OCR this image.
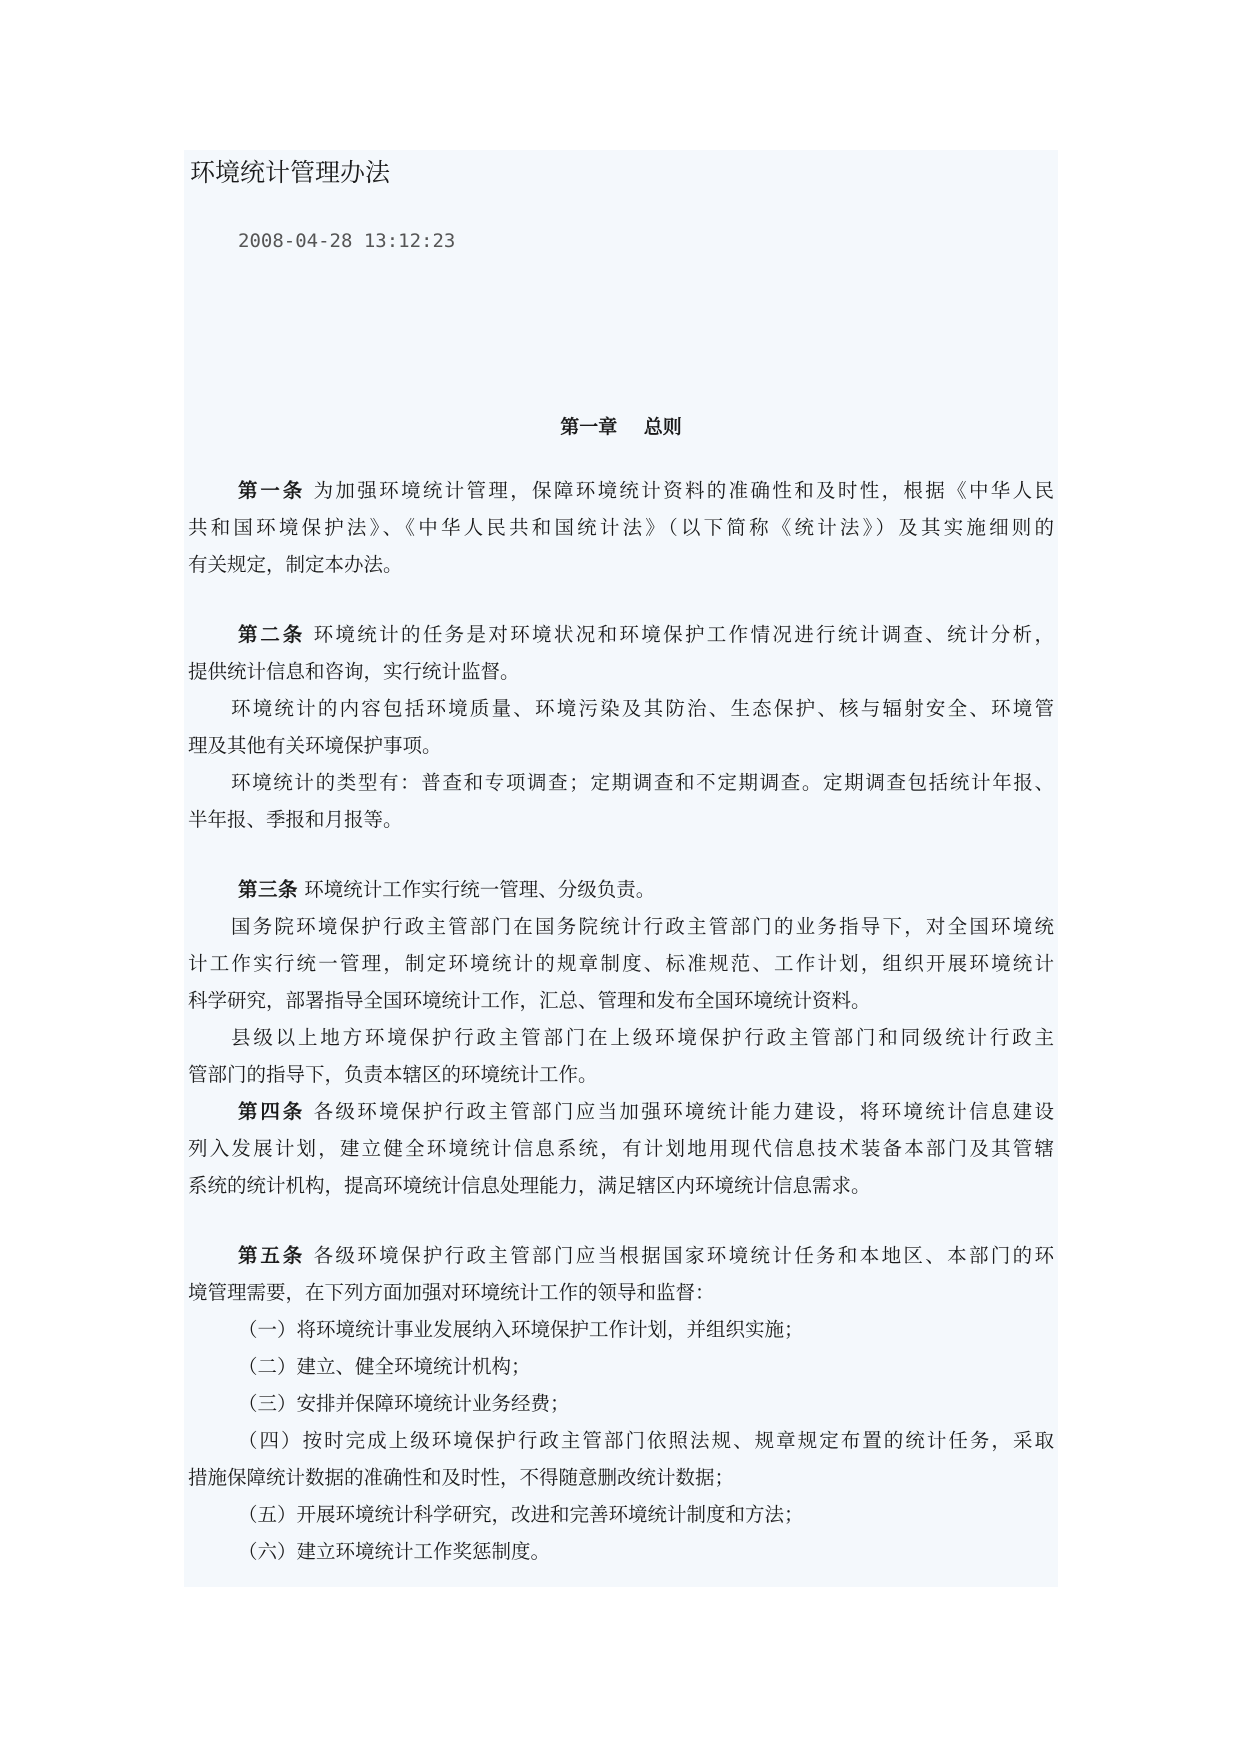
环境统计管理办法
2008-04-28 13:12:23
第一章    总则
第一条 为加强环境统计管理，保障环境统计资料的准确性和及时性，根据《中华人民
共和国环境保护法》、《中华人民共和国统计法》（以下简称《统计法》）及其实施细则的
有关规定，制定本办法。
第二条 环境统计的任务是对环境状况和环境保护工作情况进行统计调查、统计分析，
提供统计信息和咨询，实行统计监督。
环境统计的内容包括环境质量、环境污染及其防治、生态保护、核与辐射安全、环境管
理及其他有关环境保护事项。
环境统计的类型有：普查和专项调查；定期调查和不定期调查。定期调查包括统计年报、
半年报、季报和月报等。
第三条 环境统计工作实行统一管理、分级负责。
国务院环境保护行政主管部门在国务院统计行政主管部门的业务指导下，对全国环境统
计工作实行统一管理，制定环境统计的规章制度、标准规范、工作计划，组织开展环境统计
科学研究，部署指导全国环境统计工作，汇总、管理和发布全国环境统计资料。
县级以上地方环境保护行政主管部门在上级环境保护行政主管部门和同级统计行政主
管部门的指导下，负责本辖区的环境统计工作。
第四条 各级环境保护行政主管部门应当加强环境统计能力建设，将环境统计信息建设
列入发展计划，建立健全环境统计信息系统，有计划地用现代信息技术装备本部门及其管辖
系统的统计机构，提高环境统计信息处理能力，满足辖区内环境统计信息需求。
第五条 各级环境保护行政主管部门应当根据国家环境统计任务和本地区、本部门的环
境管理需要，在下列方面加强对环境统计工作的领导和监督：
（一）将环境统计事业发展纳入环境保护工作计划，并组织实施；
（二）建立、健全环境统计机构；
（三）安排并保障环境统计业务经费；
（四）按时完成上级环境保护行政主管部门依照法规、规章规定布置的统计任务，采取
措施保障统计数据的准确性和及时性，不得随意删改统计数据；
（五）开展环境统计科学研究，改进和完善环境统计制度和方法；
（六）建立环境统计工作奖惩制度。
